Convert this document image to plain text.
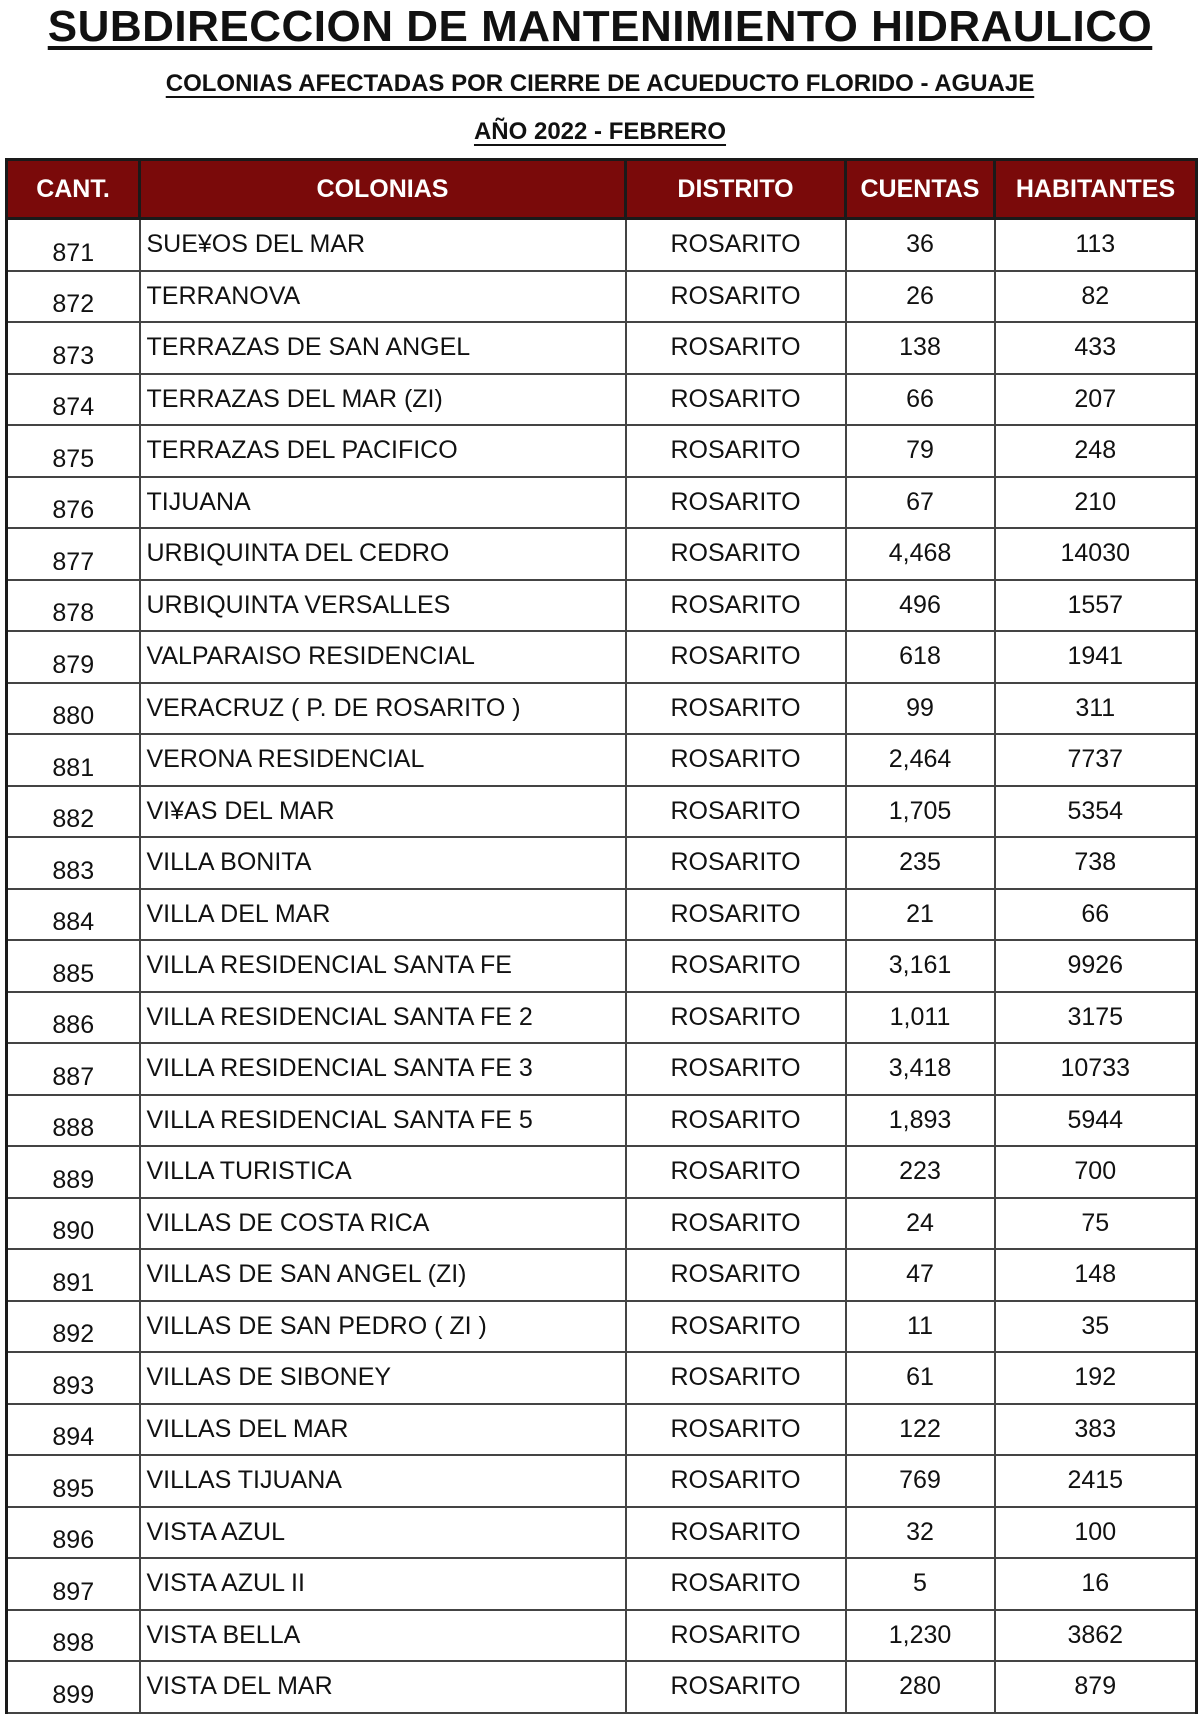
SUBDIRECCION DE MANTENIMIENTO HIDRAULICO
COLONIAS AFECTADAS POR CIERRE DE ACUEDUCTO FLORIDO - AGUAJE
AÑO 2022 - FEBRERO
CANT.	COLONIAS	DISTRITO	CUENTAS	HABITANTES
871	SUE¥OS DEL MAR	ROSARITO	36	113
872	TERRANOVA	ROSARITO	26	82
873	TERRAZAS DE SAN ANGEL	ROSARITO	138	433
874	TERRAZAS DEL MAR (ZI)	ROSARITO	66	207
875	TERRAZAS DEL PACIFICO	ROSARITO	79	248
876	TIJUANA	ROSARITO	67	210
877	URBIQUINTA DEL CEDRO	ROSARITO	4,468	14030
878	URBIQUINTA VERSALLES	ROSARITO	496	1557
879	VALPARAISO RESIDENCIAL	ROSARITO	618	1941
880	VERACRUZ ( P. DE ROSARITO )	ROSARITO	99	311
881	VERONA RESIDENCIAL	ROSARITO	2,464	7737
882	VI¥AS DEL MAR	ROSARITO	1,705	5354
883	VILLA BONITA	ROSARITO	235	738
884	VILLA DEL MAR	ROSARITO	21	66
885	VILLA RESIDENCIAL SANTA FE	ROSARITO	3,161	9926
886	VILLA RESIDENCIAL SANTA FE 2	ROSARITO	1,011	3175
887	VILLA RESIDENCIAL SANTA FE 3	ROSARITO	3,418	10733
888	VILLA RESIDENCIAL SANTA FE 5	ROSARITO	1,893	5944
889	VILLA TURISTICA	ROSARITO	223	700
890	VILLAS DE COSTA RICA	ROSARITO	24	75
891	VILLAS DE SAN ANGEL (ZI)	ROSARITO	47	148
892	VILLAS DE SAN PEDRO ( ZI )	ROSARITO	11	35
893	VILLAS DE SIBONEY	ROSARITO	61	192
894	VILLAS DEL MAR	ROSARITO	122	383
895	VILLAS TIJUANA	ROSARITO	769	2415
896	VISTA AZUL	ROSARITO	32	100
897	VISTA AZUL II	ROSARITO	5	16
898	VISTA BELLA	ROSARITO	1,230	3862
899	VISTA DEL MAR	ROSARITO	280	879
